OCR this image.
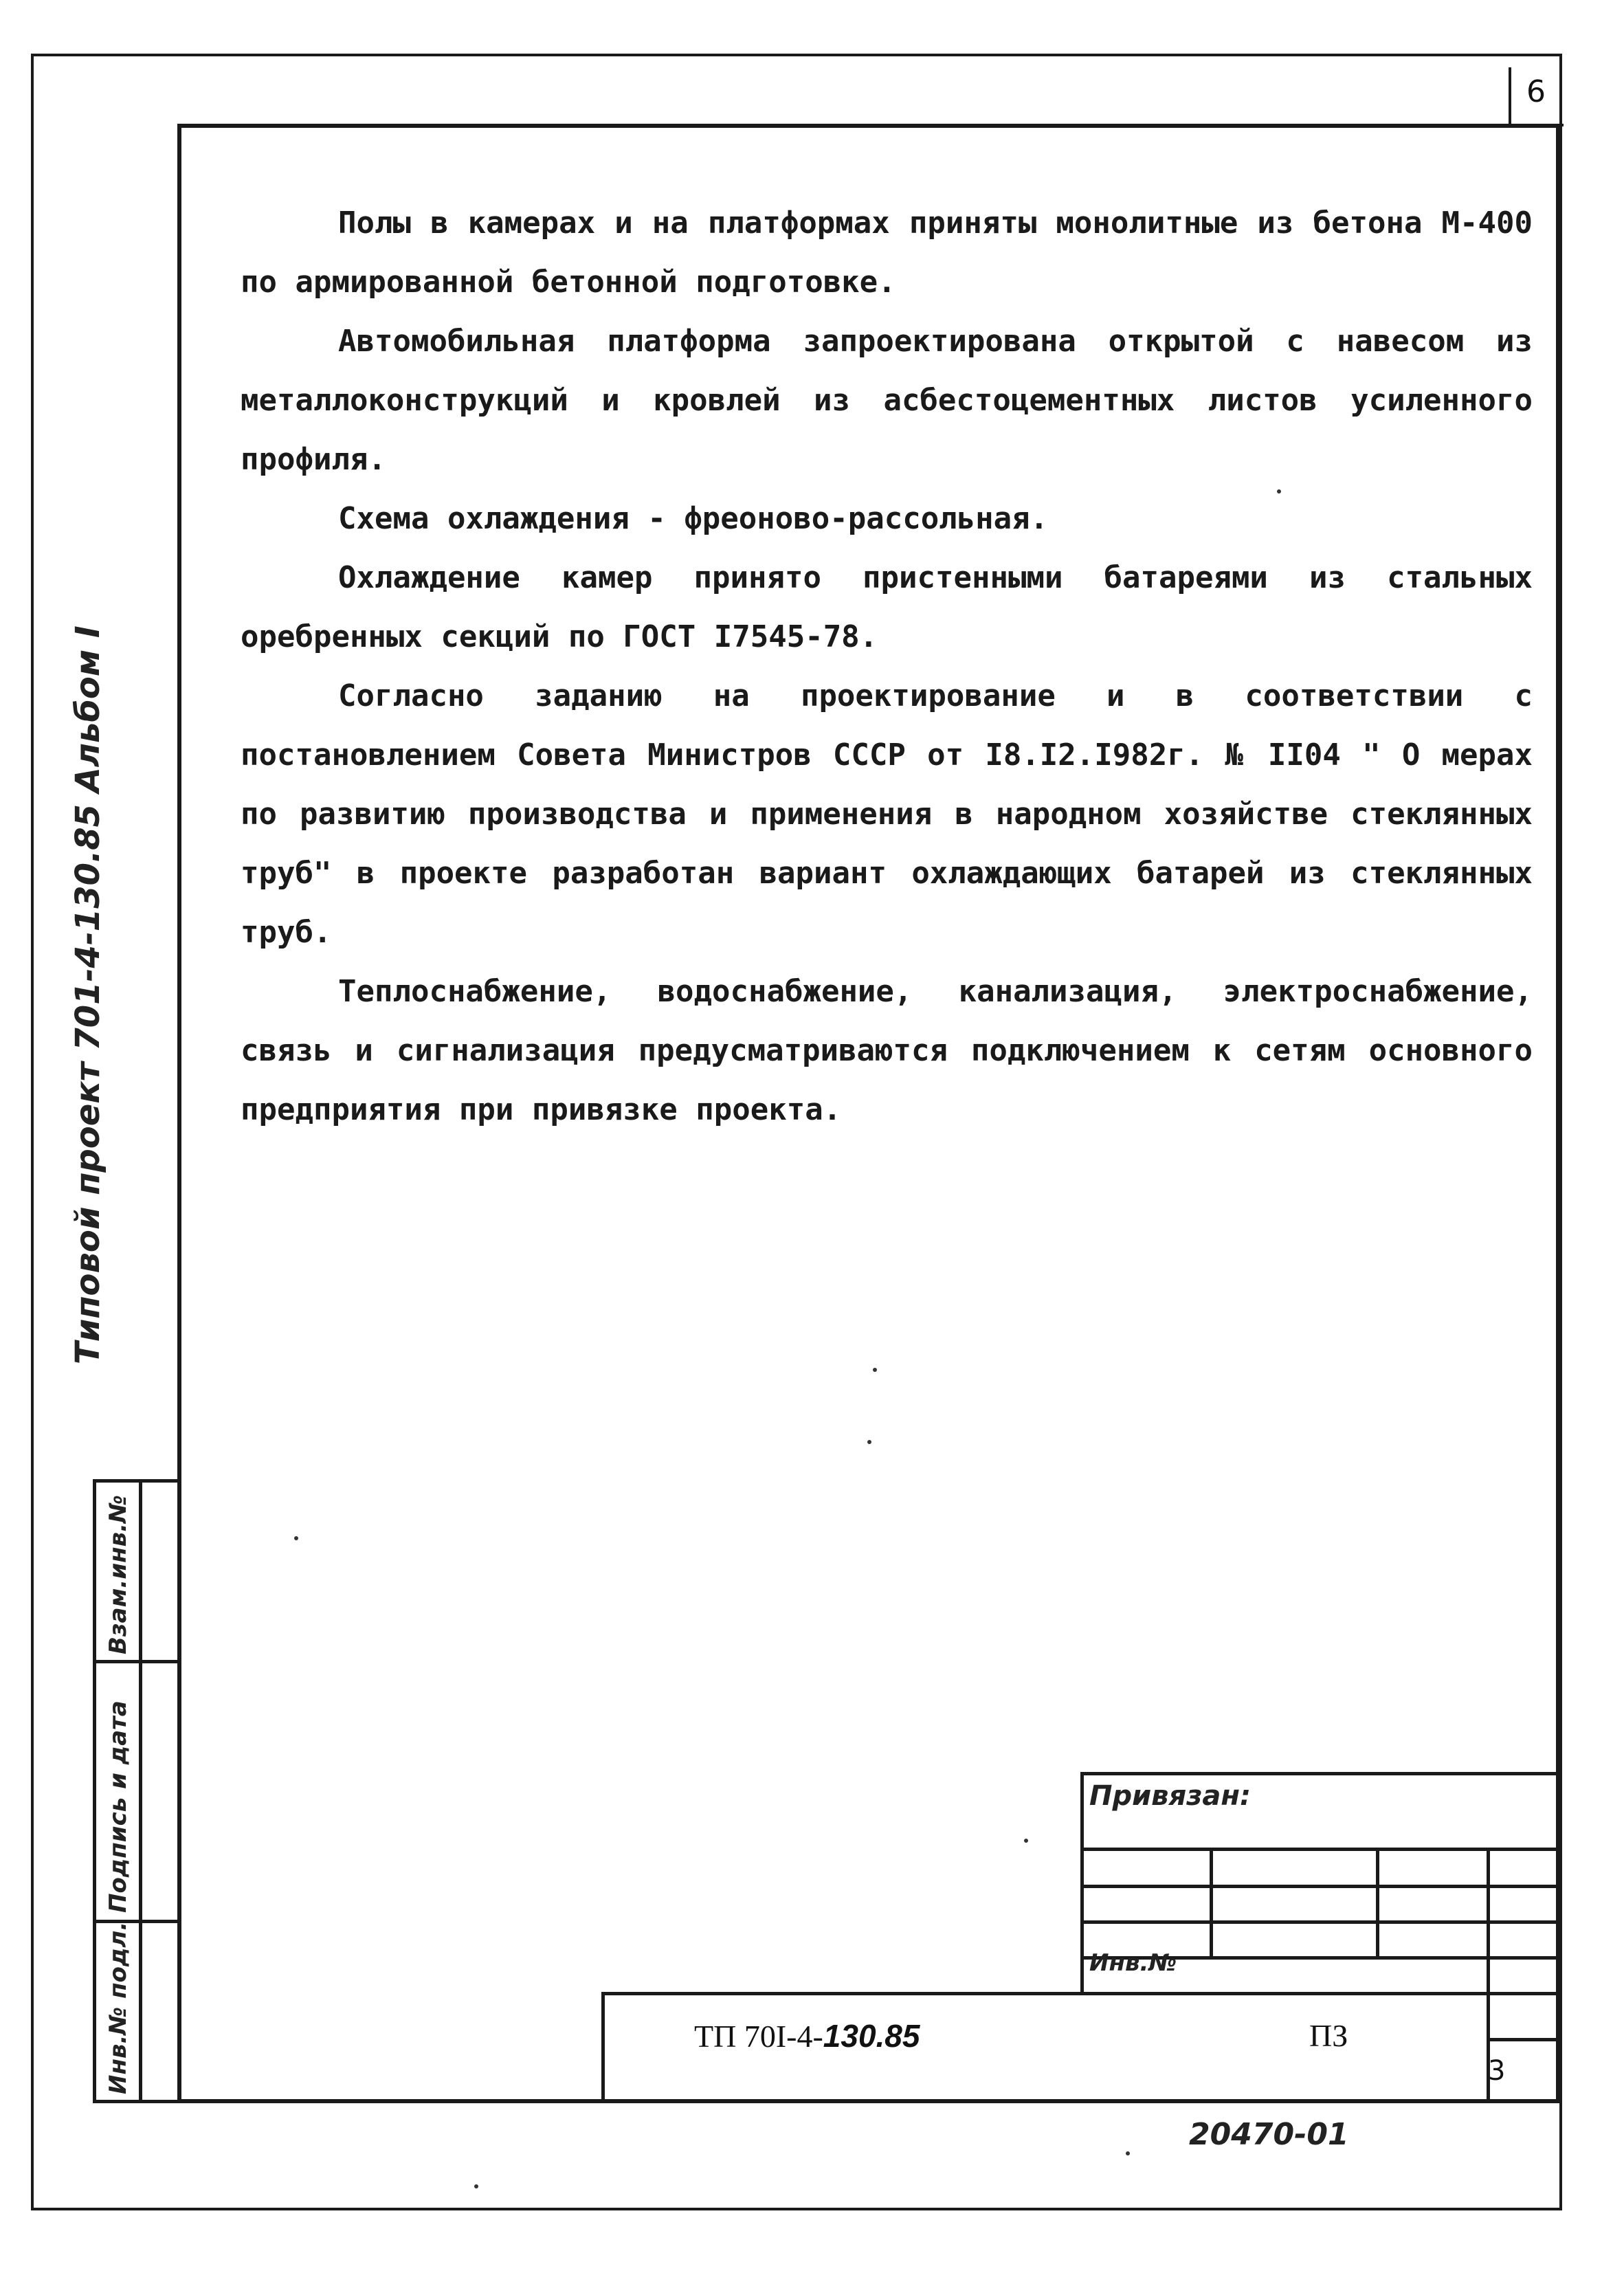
6
Типовой проект 701-4-130.85 Альбом I

Полы в камерах и на платформах приняты монолитные из бетона М-400 по армированной бетонной подготовке.

Автомобильная платформа запроектирована открытой с навесом из металлоконструкций и кровлей из асбестоцементных листов усиленного профиля.

Схема охлаждения - фреоново-рассольная.

Охлаждение камер принято пристенными батареями из стальных оребренных секций по ГОСТ I7545-78.

Согласно заданию на проектирование и в соответствии с постановлением Совета Министров СССР от I8.I2.I982г. № II04 " О мерах по развитию производства и применения в народном хозяйстве стеклянных труб" в проекте разработан вариант охлаждающих батарей из стеклянных труб.

Теплоснабжение, водоснабжение, канализация, электроснабжение, связь и сигнализация предусматриваются подключением к сетям основного предприятия при привязке проекта.

Инв.№ подл.
Подпись и дата
Взам.инв.№
Привязан:
Инв.№
ТП 70I-4-130.85	ПЗ
3
20470-01
